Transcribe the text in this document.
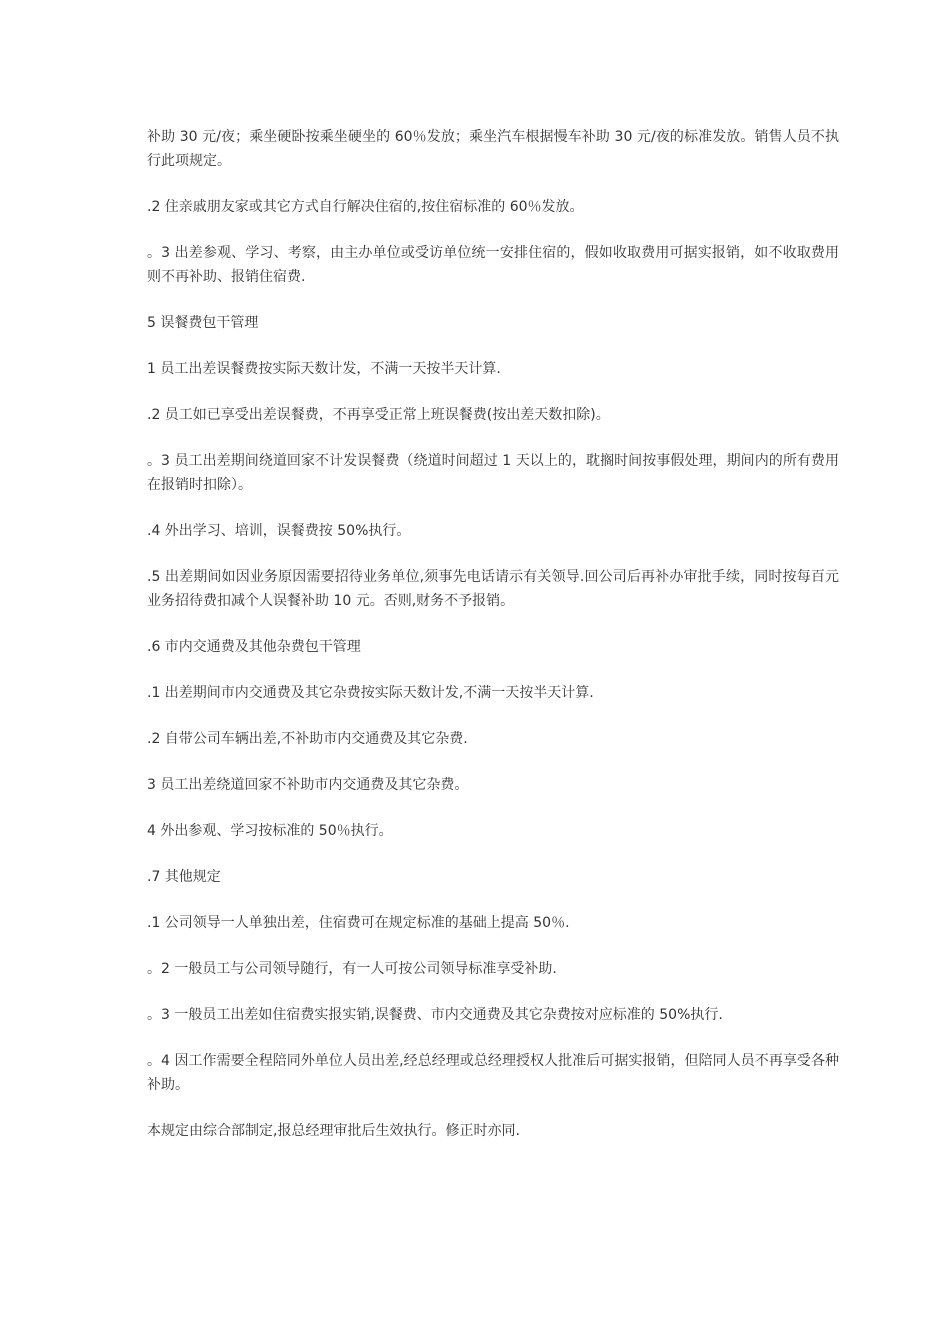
补助 30 元/夜；乘坐硬卧按乘坐硬坐的 60％发放；乘坐汽车根据慢车补助 30 元/夜的标准发放。销售人员不执行此项规定。

.2 住亲戚朋友家或其它方式自行解决住宿的,按住宿标准的 60％发放。

。3 出差参观、学习、考察，由主办单位或受访单位统一安排住宿的，假如收取费用可据实报销，如不收取费用则不再补助、报销住宿费.

5 误餐费包干管理

1 员工出差误餐费按实际天数计发，不满一天按半天计算.

.2 员工如已享受出差误餐费，不再享受正常上班误餐费(按出差天数扣除)。

。3 员工出差期间绕道回家不计发误餐费（绕道时间超过 1 天以上的，耽搁时间按事假处理，期间内的所有费用在报销时扣除）。

.4 外出学习、培训，误餐费按 50%执行。

.5 出差期间如因业务原因需要招待业务单位,须事先电话请示有关领导.回公司后再补办审批手续，同时按每百元业务招待费扣减个人误餐补助 10 元。否则,财务不予报销。

.6 市内交通费及其他杂费包干管理

.1 出差期间市内交通费及其它杂费按实际天数计发,不满一天按半天计算.

.2 自带公司车辆出差,不补助市内交通费及其它杂费.

3 员工出差绕道回家不补助市内交通费及其它杂费。

4 外出参观、学习按标准的 50％执行。

.7 其他规定

.1 公司领导一人单独出差，住宿费可在规定标准的基础上提高 50％.

。2 一般员工与公司领导随行，有一人可按公司领导标准享受补助.

。3 一般员工出差如住宿费实报实销,误餐费、市内交通费及其它杂费按对应标准的 50%执行.

。4 因工作需要全程陪同外单位人员出差,经总经理或总经理授权人批准后可据实报销，但陪同人员不再享受各种补助。

本规定由综合部制定,报总经理审批后生效执行。修正时亦同.
